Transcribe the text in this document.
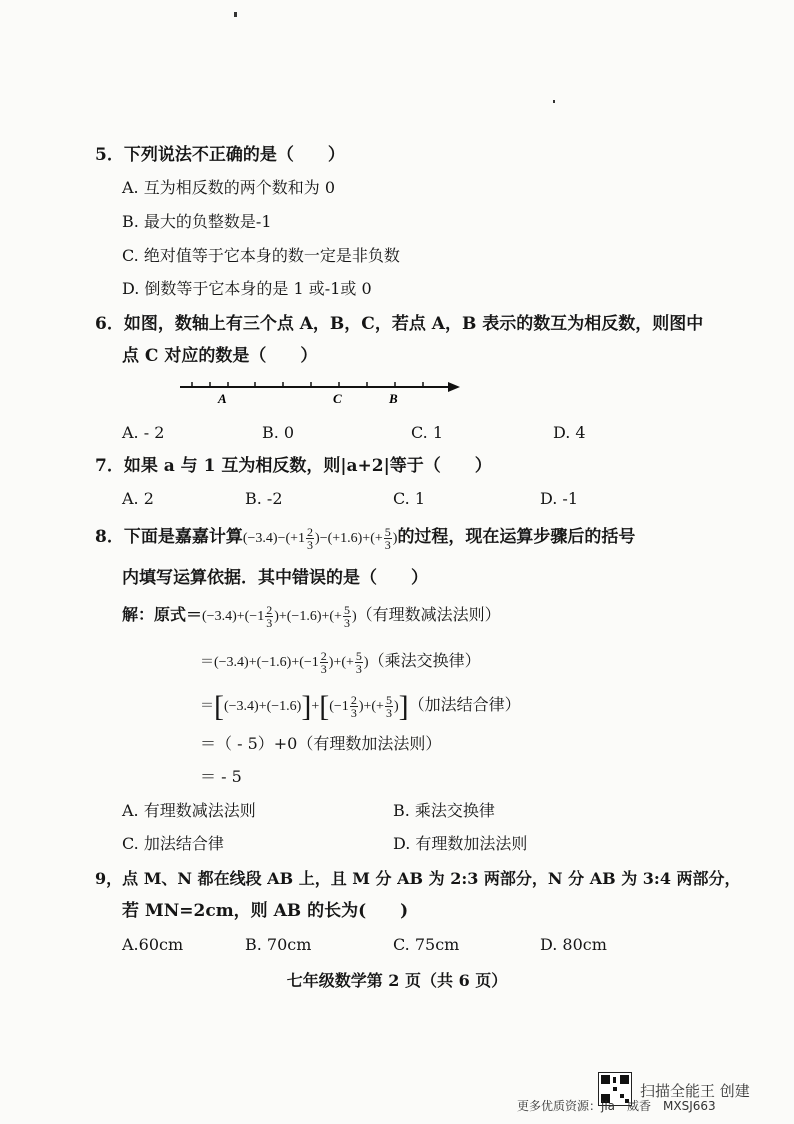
5．下列说法不正确的是（　　）
A. 互为相反数的两个数和为 0
B. 最大的负整数是-1
C. 绝对值等于它本身的数一定是非负数
D. 倒数等于它本身的是 1 或-1或 0
6．如图，数轴上有三个点 A，B，C，若点 A，B 表示的数互为相反数，则图中
点 C 对应的数是（　　）
A	C	B
A. - 2	B. 0	C. 1	D. 4
7．如果 a 与 1 互为相反数，则|a+2|等于（　　）
A. 2	B. -2	C. 1	D. -1
8．下面是嘉嘉计算$(-3.4)-(+1 \frac{2}{3} )-(+1.6)+(+ \frac{5}{3}$ )的过程，现在运算步骤后的括号
内填写运算依据．其中错误的是（　　）
解：原式$=(-3.4)+(-1 \frac{2}{3} )+(-1.6)+(+ \frac{5}{3}$ )（有理数减法法则）
$=(-3.4)+(-1.6)+(-1 \frac{2}{3}$ )+(+ $\frac{5}{3}$ )（乘法交换律）
$=[(-3.4)+(-1.6)]+[(-1 \frac{2}{3}$ )+(+ $\frac{5}{3}$ )]（加法结合律）
＝（ - 5）+0（有理数加法法则）
＝ - 5
A. 有理数减法法则	B. 乘法交换律
C. 加法结合律	D. 有理数加法法则
9，点 M、N 都在线段 AB 上，且 M 分 AB 为 2:3 两部分，N 分 AB 为 3:4 两部分，
若 MN=2cm，则 AB 的长为(　　)
A.60cm	B. 70cm	C. 75cm	D. 80cm
七年级数学第 2 页（共 6 页）
扫描全能王 创建
更多优质资源：jia　威香　MXSJ663
